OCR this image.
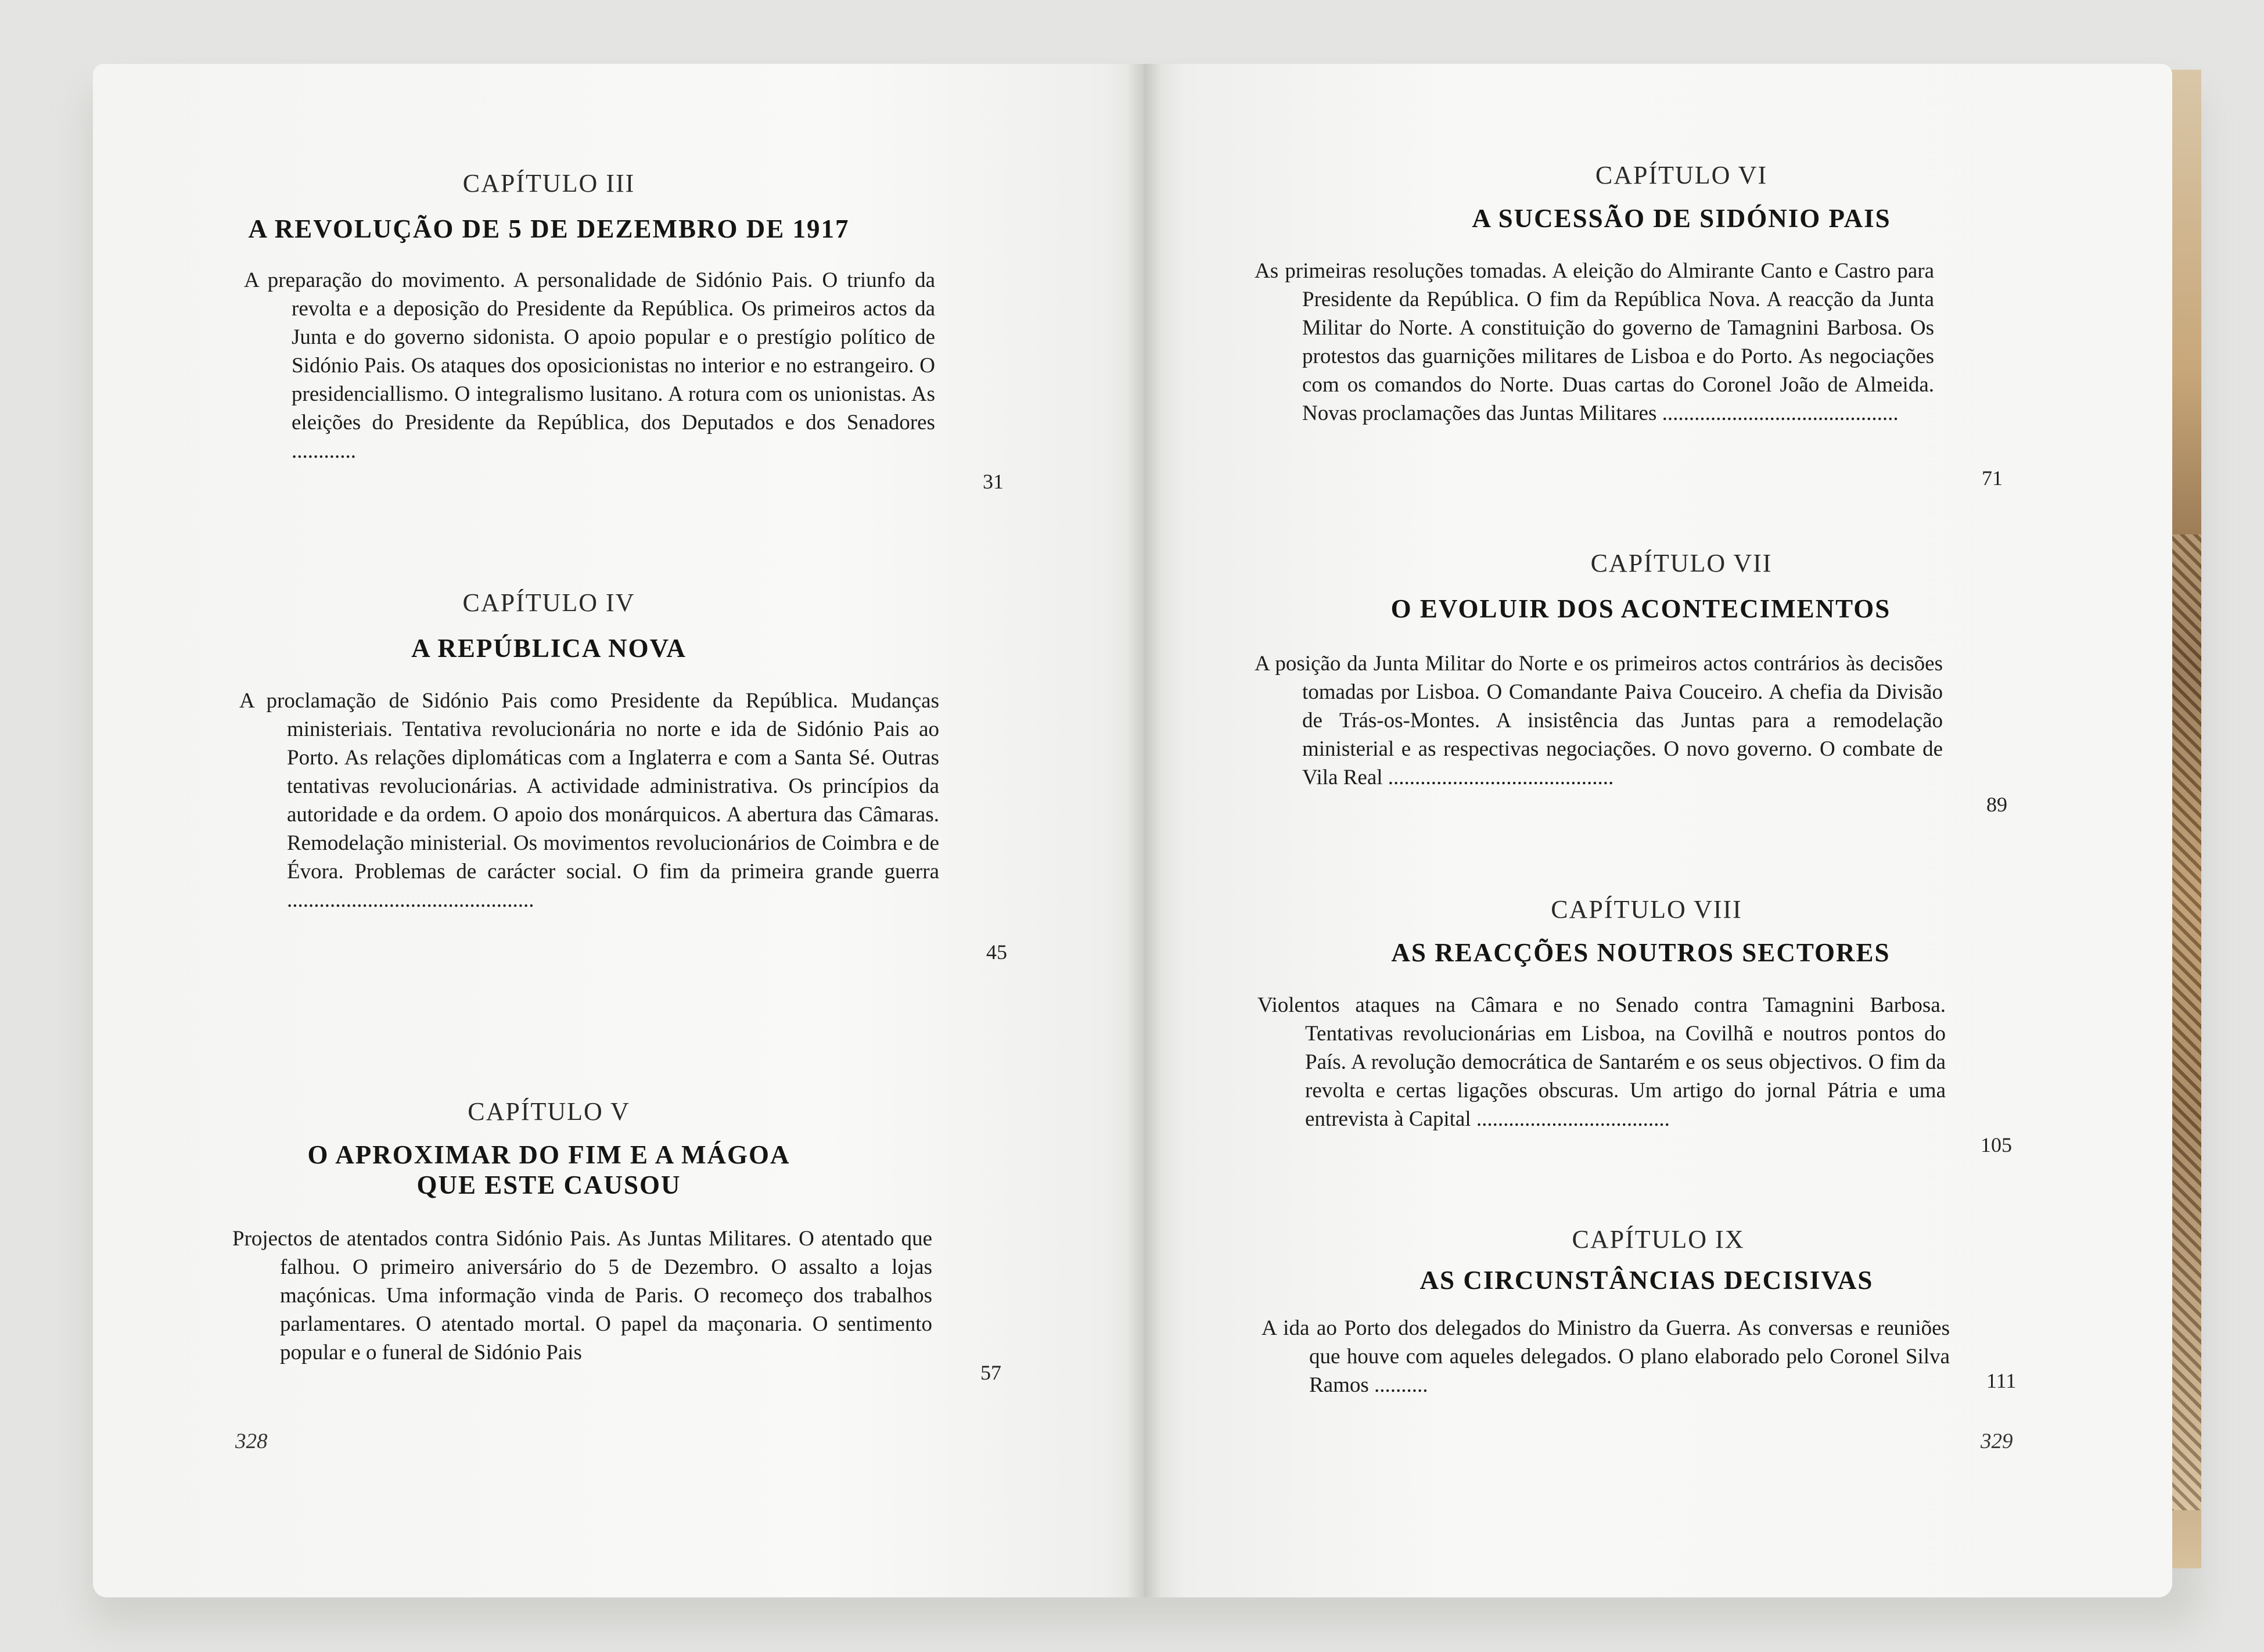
CAPÍTULO III
A REVOLUÇÃO DE 5 DE DEZEMBRO DE 1917
A preparação do movimento. A personalidade de Sidónio Pais. O triunfo da revolta e a deposição do Presidente da República. Os primeiros actos da Junta e do governo sidonista. O apoio popular e o prestígio político de Sidónio Pais. Os ataques dos oposicionistas no interior e no estrangeiro. O presidenciallismo. O integralismo lusitano. A rotura com os unionistas. As eleições do Presidente da República, dos Deputados e dos Senadores ............
31
CAPÍTULO IV
A REPÚBLICA NOVA
A proclamação de Sidónio Pais como Presidente da República. Mudanças ministeriais. Tentativa revolucionária no norte e ida de Sidónio Pais ao Porto. As relações diplomáticas com a Inglaterra e com a Santa Sé. Outras tentativas revolucionárias. A actividade administrativa. Os princípios da autoridade e da ordem. O apoio dos monárquicos. A abertura das Câmaras. Remodelação ministerial. Os movimentos revolucionários de Coimbra e de Évora. Problemas de carácter social. O fim da primeira grande guerra ..............................................
45
CAPÍTULO V
O APROXIMAR DO FIM E A MÁGOA
QUE ESTE CAUSOU
Projectos de atentados contra Sidónio Pais. As Juntas Militares. O atentado que falhou. O primeiro aniversário do 5 de Dezembro. O assalto a lojas maçónicas. Uma informação vinda de Paris. O recomeço dos trabalhos parlamentares. O atentado mortal. O papel da maçonaria. O sentimento popular e o funeral de Sidónio Pais
57
328
CAPÍTULO VI
A SUCESSÃO DE SIDÓNIO PAIS
As primeiras resoluções tomadas. A eleição do Almirante Canto e Castro para Presidente da República. O fim da República Nova. A reacção da Junta Militar do Norte. A constituição do governo de Tamagnini Barbosa. Os protestos das guarnições militares de Lisboa e do Porto. As negociações com os comandos do Norte. Duas cartas do Coronel João de Almeida. Novas proclamações das Juntas Militares ............................................
71
CAPÍTULO VII
O EVOLUIR DOS ACONTECIMENTOS
A posição da Junta Militar do Norte e os primeiros actos contrários às decisões tomadas por Lisboa. O Comandante Paiva Couceiro. A chefia da Divisão de Trás-os-Montes. A insistência das Juntas para a remodelação ministerial e as respectivas negociações. O novo governo. O combate de Vila Real ..........................................
89
CAPÍTULO VIII
AS REACÇÕES NOUTROS SECTORES
Violentos ataques na Câmara e no Senado contra Tamagnini Barbosa. Tentativas revolucionárias em Lisboa, na Covilhã e noutros pontos do País. A revolução democrática de Santarém e os seus objectivos. O fim da revolta e certas ligações obscuras. Um artigo do jornal Pátria e uma entrevista à Capital ....................................
105
CAPÍTULO IX
AS CIRCUNSTÂNCIAS DECISIVAS
A ida ao Porto dos delegados do Ministro da Guerra. As conversas e reuniões que houve com aqueles delegados. O plano elaborado pelo Coronel Silva Ramos ..........	111
329
